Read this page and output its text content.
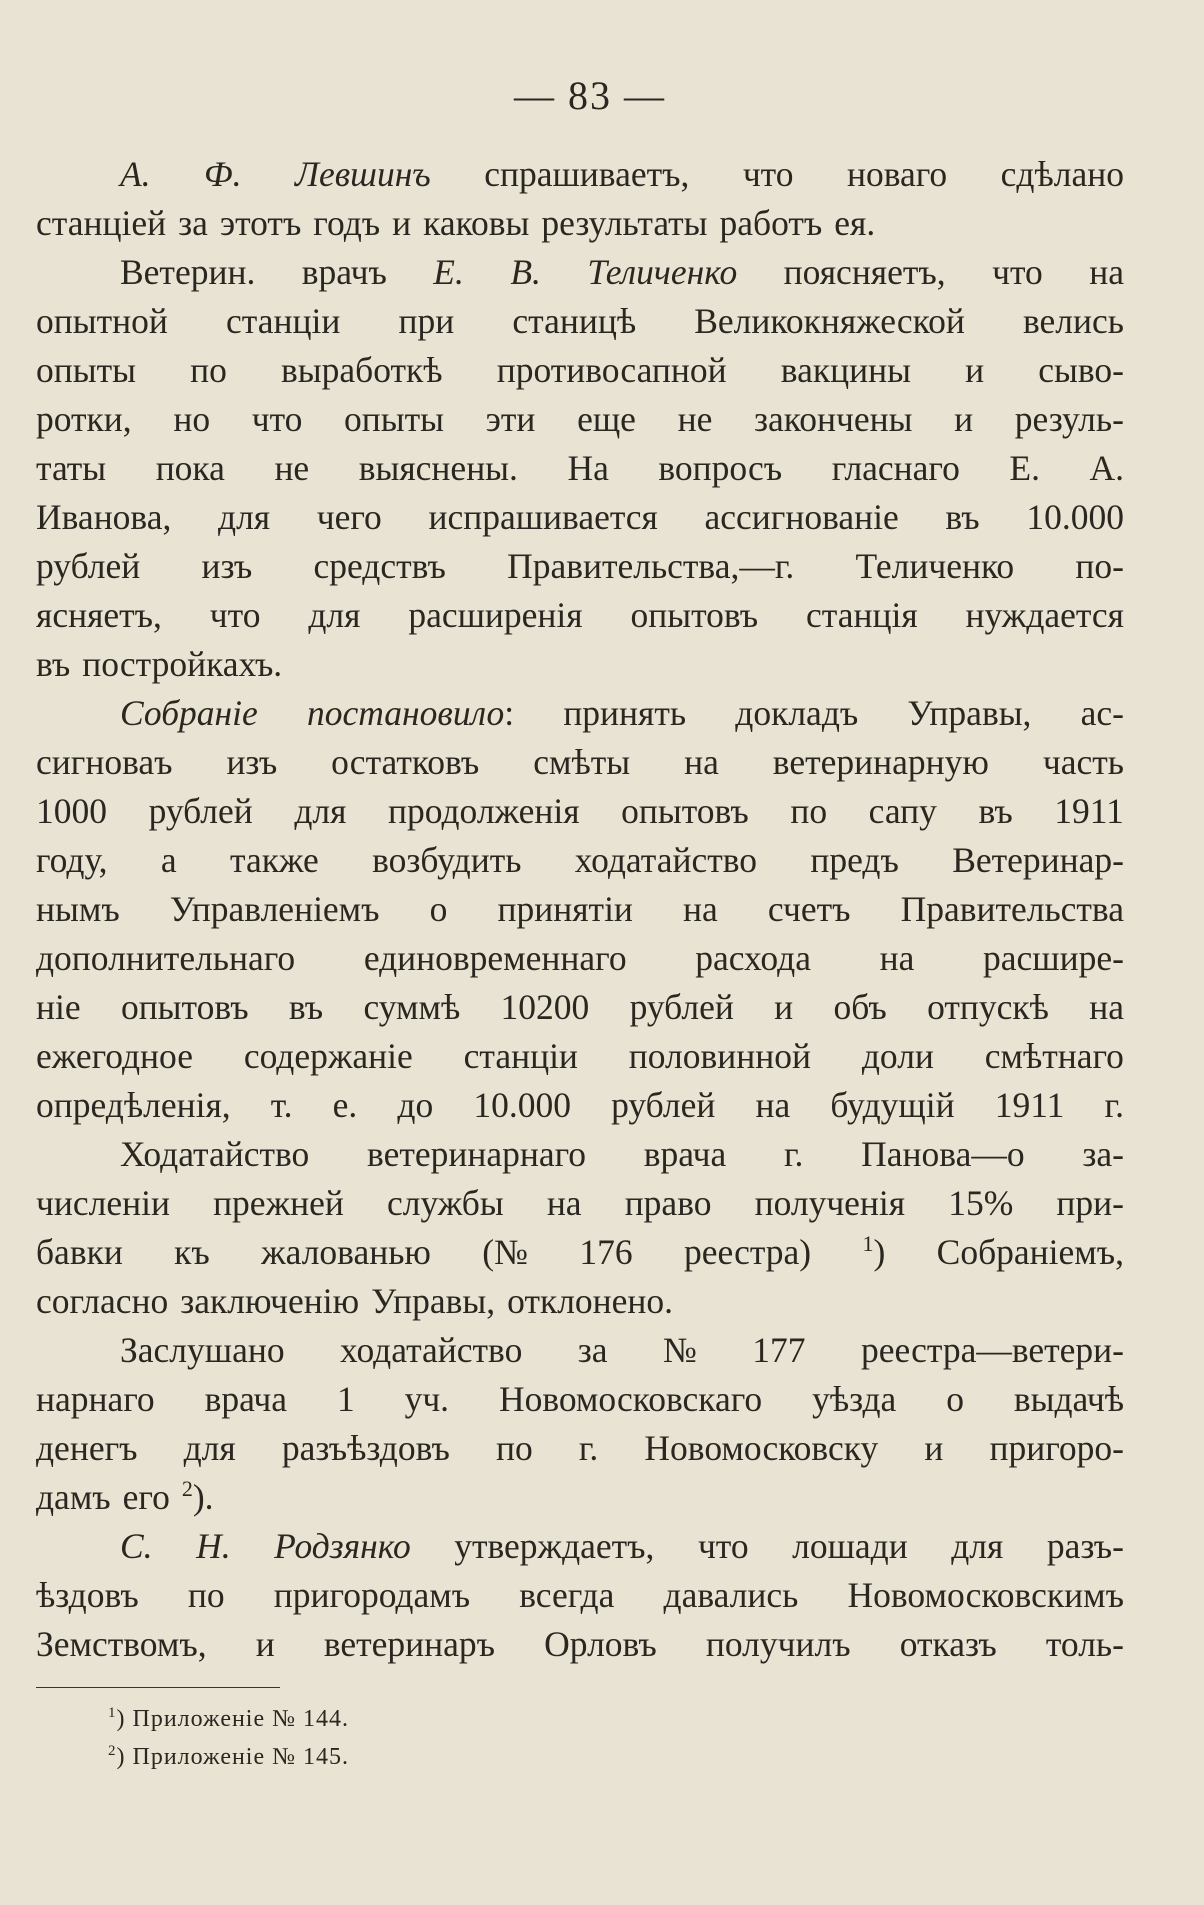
— 83 —
А. Ф. Левшинъ спрашиваетъ, что новаго сдѣлано
станціей за этотъ годъ и каковы результаты работъ ея.
Ветерин. врачъ Е. В. Теличенко поясняетъ, что на
опытной станціи при станицѣ Великокняжеской велись
опыты по выработкѣ противосапной вакцины и сыво-
ротки, но что опыты эти еще не закончены и резуль-
таты пока не выяснены. На вопросъ гласнаго Е. А.
Иванова, для чего испрашивается ассигнованіе въ 10.000
рублей изъ средствъ Правительства,—г. Теличенко по-
ясняетъ, что для расширенія опытовъ станція нуждается
въ постройкахъ.
Собраніе постановило: принять докладъ Управы, ас-
сигноваъ изъ остатковъ смѣты на ветеринарную часть
1000 рублей для продолженія опытовъ по сапу въ 1911
году, а также возбудить ходатайство предъ Ветеринар-
нымъ Управленіемъ о принятіи на счетъ Правительства
дополнительнаго единовременнаго расхода на расшире-
ніе опытовъ въ суммѣ 10200 рублей и объ отпускѣ на
ежегодное содержаніе станціи половинной доли смѣтнаго
опредѣленія, т. е. до 10.000 рублей на будущій 1911 г.
Ходатайство ветеринарнаго врача г. Панова—о за-
численіи прежней службы на право полученія 15% при-
бавки къ жалованью (№ 176 реестра) $^1$) Собраніемъ,
согласно заключенію Управы, отклонено.
Заслушано ходатайство за № 177 реестра—ветери-
нарнаго врача 1 уч. Новомосковскаго уѣзда о выдачѣ
денегъ для разъѣздовъ по г. Новомосковску и пригоро-
дамъ его $^2$).
С. Н. Родзянко утверждаетъ, что лошади для разъ-
ѣздовъ по пригородамъ всегда давались Новомосковскимъ
Земствомъ, и ветеринаръ Орловъ получилъ отказъ толь-
$^1$) Приложеніе № 144.
$^2$) Приложеніе № 145.
